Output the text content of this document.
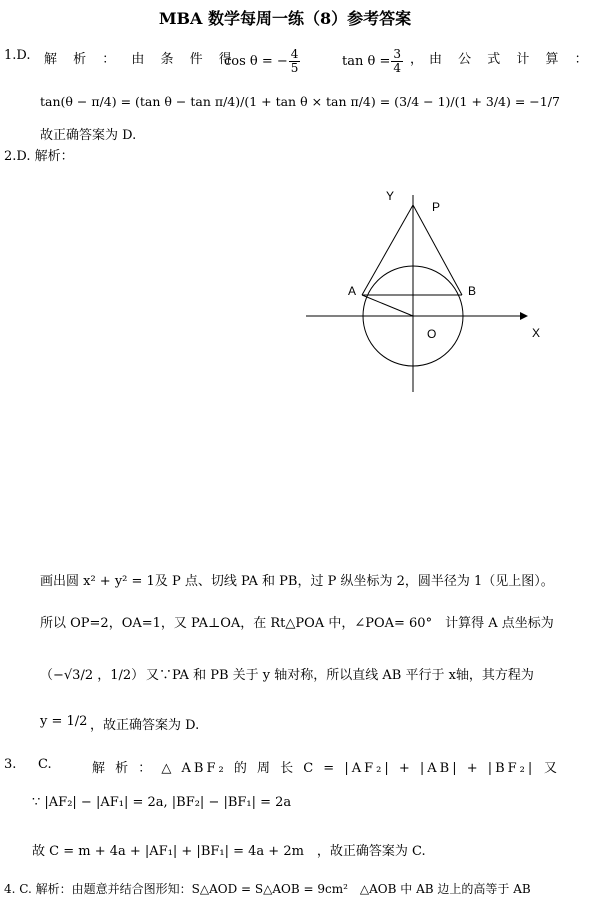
MBA 数学每周一练（8）参考答案
1.D. 解 析 ： 由 条 件 得
cos θ = − $\frac{4}{5}$	$\tan \theta = \frac{3}{4}$ ，由 公 式 计 算 ：
tan(θ − π/4) = (tan θ − tan π/4)/(1 + tan θ × tan π/4) = (3/4 − 1)/(1 + 3/4) = −1/7
故正确答案为 D.
2.D. 解析：
Y
P
A	B
O	X
画出圆 x² + y² = 1及 P 点、切线 PA 和 PB，过 P 纵坐标为 2，圆半径为 1（见上图）。
所以 OP=2，OA=1，又 PA⊥OA，在 Rt△POA 中，∠POA= 60°　计算得 A 点坐标为
（−√3/2 ，1/2） 又∵PA 和 PB 关于 y 轴对称，所以直线 AB 平行于 x轴，其方程为
y = 1/2 ，故正确答案为 D.
3. C.	解 析 ： △ ABF₂ 的 周 长 C = |AF₂| + |AB| + |BF₂| 又
∵ |AF₂| − |AF₁| = 2a, |BF₂| − |BF₁| = 2a
故 C = m + 4a + |AF₁| + |BF₁| = 4a + 2m　，故正确答案为 C.
4. C. 解析：由题意并结合图形知：S△AOD = S△AOB = 9cm²　△AOB 中 AB 边上的高等于 AB
